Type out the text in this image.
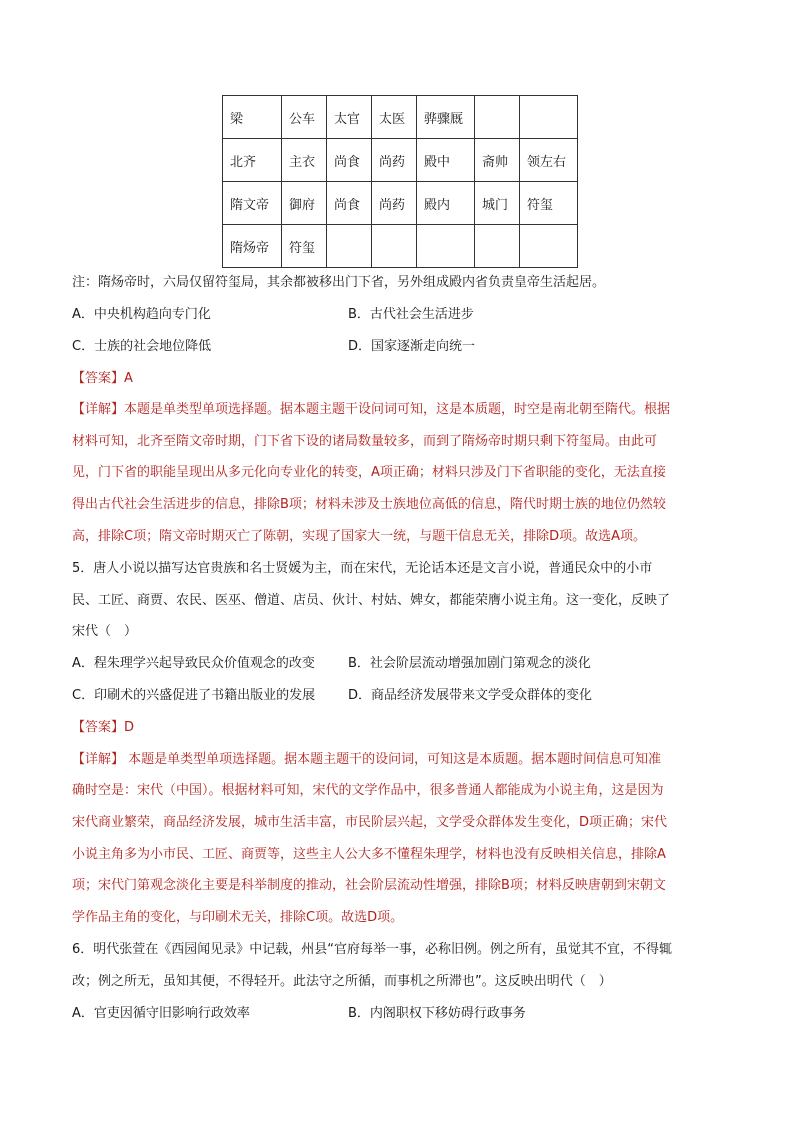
梁	公车	太官	太医	骅骤厩		
北齐	主衣	尚食	尚药	殿中	斋帅	领左右
隋文帝	御府	尚食	尚药	殿内	城门	符玺
隋炀帝	符玺					
注：隋炀帝时，六局仅留符玺局，其余都被移出门下省，另外组成殿内省负责皇帝生活起居。
A．中央机构趋向专门化	B．古代社会生活进步
C．士族的社会地位降低	D．国家逐渐走向统一
【答案】A
【详解】本题是单类型单项选择题。据本题主题干设问词可知，这是本质题，时空是南北朝至隋代。根据
材料可知，北齐至隋文帝时期，门下省下设的诸局数量较多，而到了隋炀帝时期只剩下符玺局。由此可
见，门下省的职能呈现出从多元化向专业化的转变，A项正确；材料只涉及门下省职能的变化，无法直接
得出古代社会生活进步的信息，排除B项；材料未涉及士族地位高低的信息，隋代时期士族的地位仍然较
高，排除C项；隋文帝时期灭亡了陈朝，实现了国家大一统，与题干信息无关，排除D项。故选A项。
5．唐人小说以描写达官贵族和名士贤媛为主，而在宋代，无论话本还是文言小说，普通民众中的小市
民、工匠、商贾、农民、医巫、僧道、店员、伙计、村姑、婢女，都能荣膺小说主角。这一变化，反映了
宋代（　）
A．程朱理学兴起导致民众价值观念的改变	B．社会阶层流动增强加剧门第观念的淡化
C．印刷术的兴盛促进了书籍出版业的发展	D．商品经济发展带来文学受众群体的变化
【答案】D
【详解】 本题是单类型单项选择题。据本题主题干的设问词，可知这是本质题。据本题时间信息可知准
确时空是：宋代（中国）。根据材料可知，宋代的文学作品中，很多普通人都能成为小说主角，这是因为
宋代商业繁荣，商品经济发展，城市生活丰富，市民阶层兴起，文学受众群体发生变化，D项正确；宋代
小说主角多为小市民、工匠、商贾等，这些主人公大多不懂程朱理学，材料也没有反映相关信息，排除A
项；宋代门第观念淡化主要是科举制度的推动，社会阶层流动性增强，排除B项；材料反映唐朝到宋朝文
学作品主角的变化，与印刷术无关，排除C项。故选D项。
6．明代张萱在《西园闻见录》中记载，州县“官府每举一事，必称旧例。例之所有，虽觉其不宜，不得辄
改；例之所无，虽知其便，不得轻开。此法守之所循，而事机之所滞也”。这反映出明代（　）
A．官吏因循守旧影响行政效率	B．内阁职权下移妨碍行政事务
